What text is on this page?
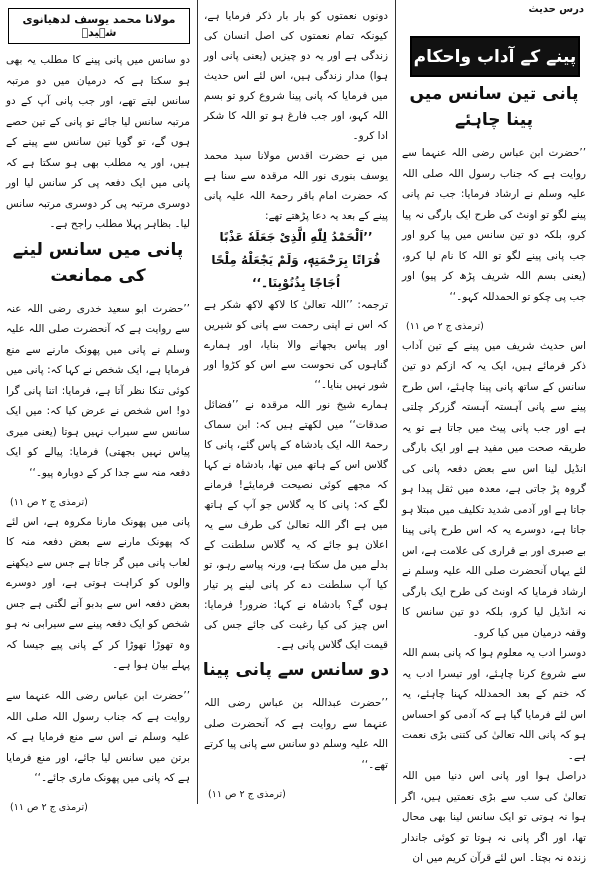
درس حدیث
پینے کے آداب واحکام
پانی تین سانس میں پینا چاہئے

’’حضرت ابن عباس رضی اللہ عنہما سے روایت ہے کہ جناب رسول اللہ صلی اللہ علیہ وسلم نے ارشاد فرمایا: جب تم پانی پینے لگو تو اونٹ کی طرح ایک بارگی نہ پیا کرو، بلکہ دو تین سانس میں پیا کرو اور جب پانی پینے لگو تو اللہ کا نام لیا کرو، (یعنی بسم اللہ شریف پڑھ کر پیو) اور جب پی چکو تو الحمدللہ کہو۔‘‘

(ترمذی ج ۲ ص ۱۱)

اس حدیث شریف میں پینے کے تین آداب ذکر فرمائے ہیں، ایک یہ کہ ازکم دو تین سانس کے ساتھ پانی پینا چاہئے، اس طرح پینے سے پانی آہستہ آہستہ گزرکر چلتی ہے اور جب پانی پیٹ میں جاتا ہے تو یہ طریقہ صحت میں مفید ہے اور ایک بارگی انڈیل لینا اس سے بعض دفعہ پانی کی گروہ پڑ جاتی ہے، معدہ میں ثقل پیدا ہو جاتا ہے اور آدمی شدید تکلیف میں مبتلا ہو جاتا ہے، دوسرے یہ کہ اس طرح پانی پینا بے صبری اور بے قراری کی علامت ہے، اس لئے یہاں آنحضرت صلی اللہ علیہ وسلم نے ارشاد فرمایا کہ اونٹ کی طرح ایک بارگی نہ انڈیل لیا کرو، بلکہ دو تین سانس کا وقفہ درمیان میں کیا کرو۔

دوسرا ادب یہ معلوم ہوا کہ پانی بسم اللہ سے شروع کرنا چاہئے، اور تیسرا ادب یہ کہ ختم کے بعد الحمدللہ کہنا چاہئے، یہ اس لئے فرمایا گیا ہے کہ آدمی کو احساس ہو کہ پانی اللہ تعالیٰ کی کتنی بڑی نعمت ہے۔

دراصل ہوا اور پانی اس دنیا میں اللہ تعالیٰ کی سب سے بڑی نعمتیں ہیں، اگر ہوا نہ ہوتی تو ایک سانس لینا بھی محال تھا، اور اگر پانی نہ ہوتا تو کوئی جاندار زندہ نہ بچتا۔ اس لئے قرآن کریم میں ان

دونوں نعمتوں کو بار بار ذکر فرمایا ہے، کیونکہ تمام نعمتوں کی اصل انسان کی زندگی ہے اور یہ دو چیزیں (یعنی پانی اور ہوا) مدار زندگی ہیں، اس لئے اس حدیث میں فرمایا کہ پانی پینا شروع کرو تو بسم اللہ کہو، اور جب فارغ ہو تو اللہ کا شکر ادا کرو۔

میں نے حضرت اقدس مولانا سید محمد یوسف بنوری نور اللہ مرقدہ سے سنا ہے کہ حضرت امام باقر رحمۃ اللہ علیہ پانی پینے کے بعد یہ دعا پڑھتے تھے:

’’اَلْحَمْدُ لِلّٰهِ الَّذِیْ جَعَلَهٗ عَذْبًا فُرَاتًا بِرَحْمَتِهٖ، وَلَمْ یَجْعَلْهُ مِلْحًا اُجَاجًا بِذُنُوْبِنَا۔‘‘

ترجمہ: ’’اللہ تعالیٰ کا لاکھ لاکھ شکر ہے کہ اس نے اپنی رحمت سے پانی کو شیریں اور پیاس بجھانے والا بنایا، اور ہمارے گناہوں کی نحوست سے اس کو کڑوا اور شور نہیں بنایا۔‘‘

ہمارے شیخ نور اللہ مرقدہ نے ’’فضائل صدقات‘‘ میں لکھتے ہیں کہ: ابن سماک رحمۃ اللہ ایک بادشاہ کے پاس گئے، پانی کا گلاس اس کے ہاتھ میں تھا، بادشاہ نے کہا کہ مجھے کوئی نصیحت فرمایئے! فرمانے لگے کہ: پانی کا یہ گلاس جو آپ کے ہاتھ میں ہے اگر اللہ تعالیٰ کی طرف سے یہ اعلان ہو جائے کہ یہ گلاس سلطنت کے بدلے میں مل سکتا ہے، ورنہ پیاسے رہو، تو کیا آپ سلطنت دے کر پانی لینے پر تیار ہوں گے؟ بادشاہ نے کہا: ضرور! فرمایا: اس چیز کی کیا رغبت کی جائے جس کی قیمت ایک گلاس پانی ہے۔

دو سانس سے پانی پینا

’’حضرت عبداللہ بن عباس رضی اللہ عنہما سے روایت ہے کہ آنحضرت صلی اللہ علیہ وسلم دو سانس سے پانی پیا کرتے تھے۔‘‘

(ترمذی ج ۲ ص ۱۱)
مولانا محمد یوسف لدھیانوی شہیدؒ

دو سانس میں پانی پینے کا مطلب یہ بھی ہو سکتا ہے کہ درمیان میں دو مرتبہ سانس لیتے تھے، اور جب پانی آپ کے دو مرتبہ سانس لیا جائے تو پانی کے تین حصے ہوں گے، تو گویا تین سانس سے پینے کے ہیں، اور یہ مطلب بھی ہو سکتا ہے کہ پانی میں ایک دفعہ پی کر سانس لیا اور دوسری مرتبہ پی کر دوسری مرتبہ سانس لیا۔ بظاہر پہلا مطلب راجح ہے۔

پانی میں سانس لینے کی ممانعت

’’حضرت ابو سعید خدری رضی اللہ عنہ سے روایت ہے کہ آنحضرت صلی اللہ علیہ وسلم نے پانی میں پھونک مارنے سے منع فرمایا ہے، ایک شخص نے کہا کہ: پانی میں کوئی تنکا نظر آتا ہے، فرمایا: اتنا پانی گرا دو! اس شخص نے عرض کیا کہ: میں ایک سانس سے سیراب نہیں ہوتا (یعنی میری پیاس نہیں بجھتی) فرمایا: پیالے کو ایک دفعہ منہ سے جدا کر کے دوبارہ پیو۔‘‘

(ترمذی ج ۲ ص ۱۱)

پانی میں پھونک مارنا مکروہ ہے، اس لئے کہ پھونک مارنے سے بعض دفعہ منہ کا لعاب پانی میں گر جاتا ہے جس سے دیکھنے والوں کو کراہت ہوتی ہے، اور دوسرے بعض دفعہ اس سے بدبو آنے لگتی ہے جس شخص کو ایک دفعہ پینے سے سیرابی نہ ہو وہ تھوڑا تھوڑا کر کے پانی پیے جیسا کہ پہلے بیان ہوا ہے۔

’’حضرت ابن عباس رضی اللہ عنہما سے روایت ہے کہ جناب رسول اللہ صلی اللہ علیہ وسلم نے اس سے منع فرمایا ہے کہ برتن میں سانس لیا جائے، اور منع فرمایا ہے کہ پانی میں پھونک ماری جائے۔‘‘

(ترمذی ج ۲ ص ۱۱)
